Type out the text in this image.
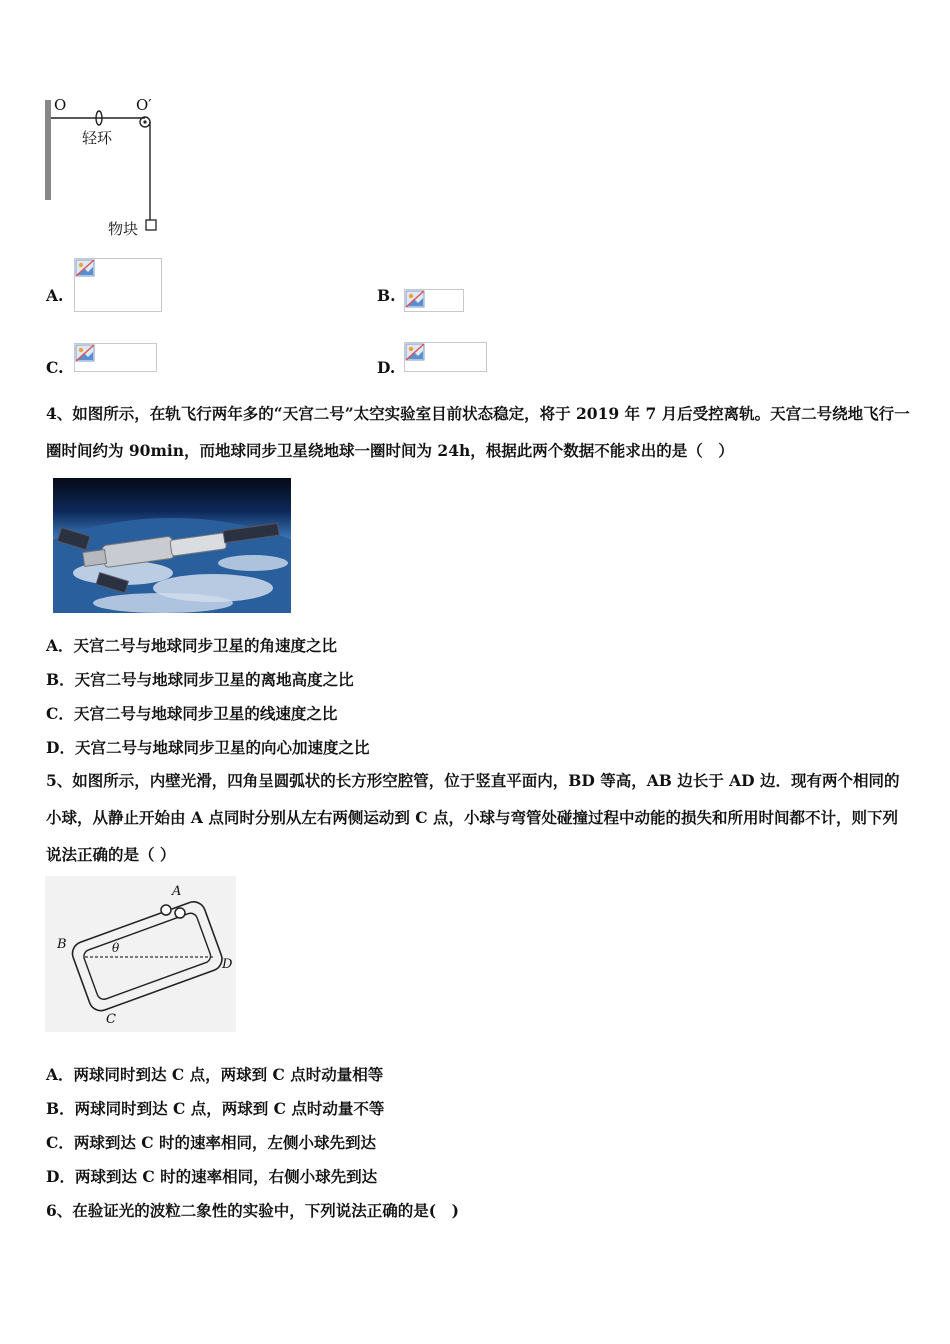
O	O′
轻环
物块
A.	B.
C.	D.
4、如图所示，在轨飞行两年多的“天宫二号”太空实验室目前状态稳定，将于 2019 年 7 月后受控离轨。天宫二号绕地飞行一圈时间约为 90min，而地球同步卫星绕地球一圈时间为 24h，根据此两个数据不能求出的是（　）
A．天宫二号与地球同步卫星的角速度之比
B．天宫二号与地球同步卫星的离地高度之比
C．天宫二号与地球同步卫星的线速度之比
D．天宫二号与地球同步卫星的向心加速度之比
5、如图所示，内壁光滑，四角呈圆弧状的长方形空腔管，位于竖直平面内，BD 等高，AB 边长于 AD 边．现有两个相同的小球，从静止开始由 A 点同时分别从左右两侧运动到 C 点，小球与弯管处碰撞过程中动能的损失和所用时间都不计，则下列说法正确的是（ ）
A
B
D
C
θ
A．两球同时到达 C 点，两球到 C 点时动量相等
B．两球同时到达 C 点，两球到 C 点时动量不等
C．两球到达 C 时的速率相同，左侧小球先到达
D．两球到达 C 时的速率相同，右侧小球先到达
6、在验证光的波粒二象性的实验中，下列说法正确的是(　)
